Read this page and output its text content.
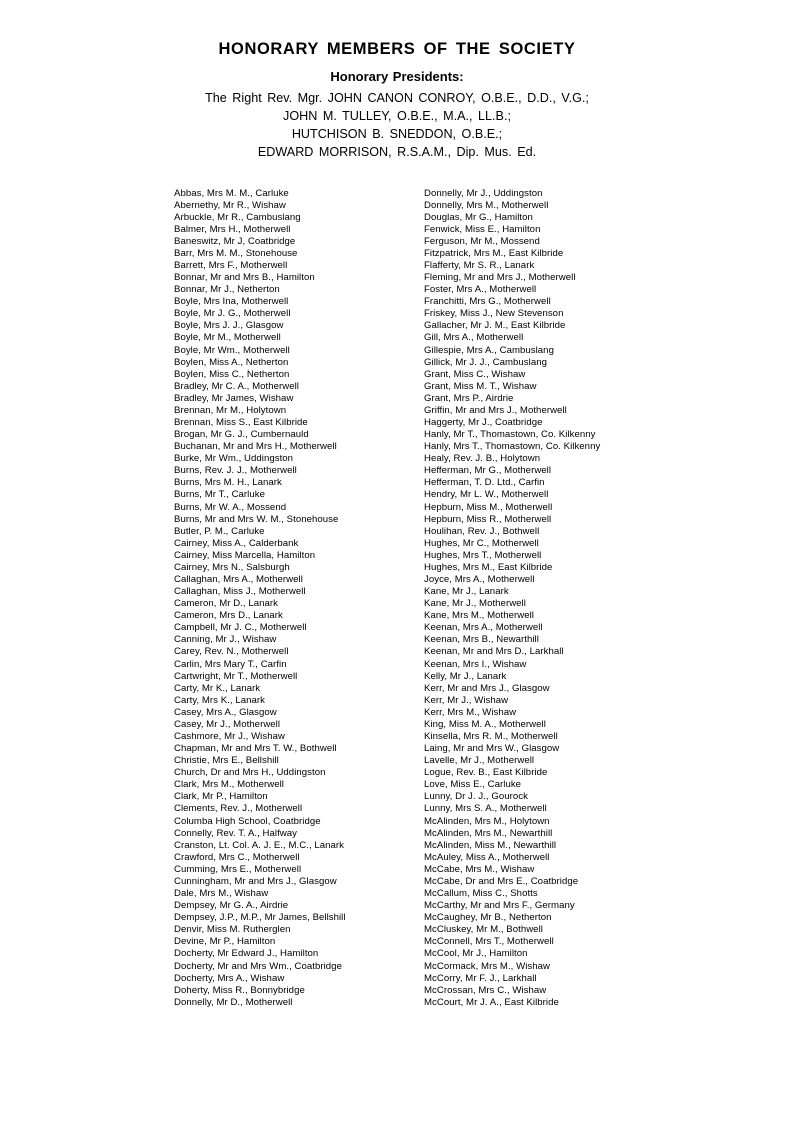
HONORARY MEMBERS OF THE SOCIETY
Honorary Presidents:
The Right Rev. Mgr. JOHN CANON CONROY, O.B.E., D.D., V.G.;
JOHN M. TULLEY, O.B.E., M.A., LL.B.;
HUTCHISON B. SNEDDON, O.B.E.;
EDWARD MORRISON, R.S.A.M., Dip. Mus. Ed.
Abbas, Mrs M. M., Carluke
Abernethy, Mr R., Wishaw
Arbuckle, Mr R., Cambuslang
Balmer, Mrs H., Motherwell
Baneswitz, Mr J, Coatbridge
Barr, Mrs M. M., Stonehouse
Barrett, Mrs F., Motherwell
Bonnar, Mr and Mrs B., Hamilton
Bonnar, Mr J., Netherton
Boyle, Mrs Ina, Motherwell
Boyle, Mr J. G., Motherwell
Boyle, Mrs J. J., Glasgow
Boyle, Mr M., Motherwell
Boyle, Mr Wm., Motherwell
Boylen, Miss A., Netherton
Boylen, Miss C., Netherton
Bradley, Mr C. A., Motherwell
Bradley, Mr James, Wishaw
Brennan, Mr M., Holytown
Brennan, Miss S., East Kilbride
Brogan, Mr G. J., Cumbernauld
Buchanan, Mr and Mrs H., Motherwell
Burke, Mr Wm., Uddingston
Burns, Rev. J. J., Motherwell
Burns, Mrs M. H., Lanark
Burns, Mr T., Carluke
Burns, Mr W. A., Mossend
Burns, Mr and Mrs W. M., Stonehouse
Butler, P. M., Carluke
Cairney, Miss A., Calderbank
Cairney, Miss Marcella, Hamilton
Cairney, Mrs N., Salsburgh
Callaghan, Mrs A., Motherwell
Callaghan, Miss J., Motherwell
Cameron, Mr D., Lanark
Cameron, Mrs D., Lanark
Campbell, Mr J. C., Motherwell
Canning, Mr J., Wishaw
Carey, Rev. N., Motherwell
Carlin, Mrs Mary T., Carfin
Cartwright, Mr T., Motherwell
Carty, Mr K., Lanark
Carty, Mrs K., Lanark
Casey, Mrs A., Glasgow
Casey, Mr J., Motherwell
Cashmore, Mr J., Wishaw
Chapman, Mr and Mrs T. W., Bothwell
Christie, Mrs E., Bellshill
Church, Dr and Mrs H., Uddingston
Clark, Mrs M., Motherwell
Clark, Mr P., Hamilton
Clements, Rev. J., Motherwell
Columba High School, Coatbridge
Connelly, Rev. T. A., Halfway
Cranston, Lt. Col. A. J. E., M.C., Lanark
Crawford, Mrs C., Motherwell
Cumming, Mrs E., Motherwell
Cunningham, Mr and Mrs J., Glasgow
Dale, Mrs M., Wishaw
Dempsey, Mr G. A., Airdrie
Dempsey, J.P., M.P., Mr James, Bellshill
Denvir, Miss M. Rutherglen
Devine, Mr P., Hamilton
Docherty, Mr Edward J., Hamilton
Docherty, Mr and Mrs Wm., Coatbridge
Docherty, Mrs A., Wishaw
Doherty, Miss R., Bonnybridge
Donnelly, Mr D., Motherwell
Donnelly, Mr J., Uddingston
Donnelly, Mrs M., Motherwell
Douglas, Mr G., Hamilton
Fenwick, Miss E., Hamilton
Ferguson, Mr M., Mossend
Fitzpatrick, Mrs M., East Kilbride
Flafferty, Mr S. R., Lanark
Fleming, Mr and Mrs J., Motherwell
Foster, Mrs A., Motherwell
Franchitti, Mrs G., Motherwell
Friskey, Miss J., New Stevenson
Gallacher, Mr J. M., East Kilbride
Gill, Mrs A., Motherwell
Gillespie, Mrs A., Cambuslang
Gillick, Mr J. J., Cambuslang
Grant, Miss C., Wishaw
Grant, Miss M. T., Wishaw
Grant, Mrs P., Airdrie
Griffin, Mr and Mrs J., Motherwell
Haggerty, Mr J., Coatbridge
Hanly, Mr T., Thomastown, Co. Kilkenny
Hanly, Mrs T., Thomastown, Co. Kilkenny
Healy, Rev. J. B., Holytown
Hefferman, Mr G., Motherwell
Hefferman, T. D. Ltd., Carfin
Hendry, Mr L. W., Motherwell
Hepburn, Miss M., Motherwell
Hepburn, Miss R., Motherwell
Houlihan, Rev. J., Bothwell
Hughes, Mr C., Motherwell
Hughes, Mrs T., Motherwell
Hughes, Mrs M., East Kilbride
Joyce, Mrs A., Motherwell
Kane, Mr J., Lanark
Kane, Mr J., Motherwell
Kane, Mrs M., Motherwell
Keenan, Mrs A., Motherwell
Keenan, Mrs B., Newarthill
Keenan, Mr and Mrs D., Larkhall
Keenan, Mrs I., Wishaw
Kelly, Mr J., Lanark
Kerr, Mr and Mrs J., Glasgow
Kerr, Mr J., Wishaw
Kerr, Mrs M., Wishaw
King, Miss M. A., Motherwell
Kinsella, Mrs R. M., Motherwell
Laing, Mr and Mrs W., Glasgow
Lavelle, Mr J., Motherwell
Logue, Rev. B., East Kilbride
Love, Miss E., Carluke
Lunny, Dr J. J., Gourock
Lunny, Mrs S. A., Motherwell
McAlinden, Mrs M., Holytown
McAlinden, Mrs M., Newarthill
McAlinden, Miss M., Newarthill
McAuley, Miss A., Motherwell
McCabe, Mrs M., Wishaw
McCabe, Dr and Mrs E., Coatbridge
McCallum, Miss C., Shotts
McCarthy, Mr and Mrs F., Germany
McCaughey, Mr B., Netherton
McCluskey, Mr M., Bothwell
McConnell, Mrs T., Motherwell
McCool, Mr J., Hamilton
McCormack, Mrs M., Wishaw
McCorry, Mr F. J., Larkhall
McCrossan, Mrs C., Wishaw
McCourt, Mr J. A., East Kilbride
